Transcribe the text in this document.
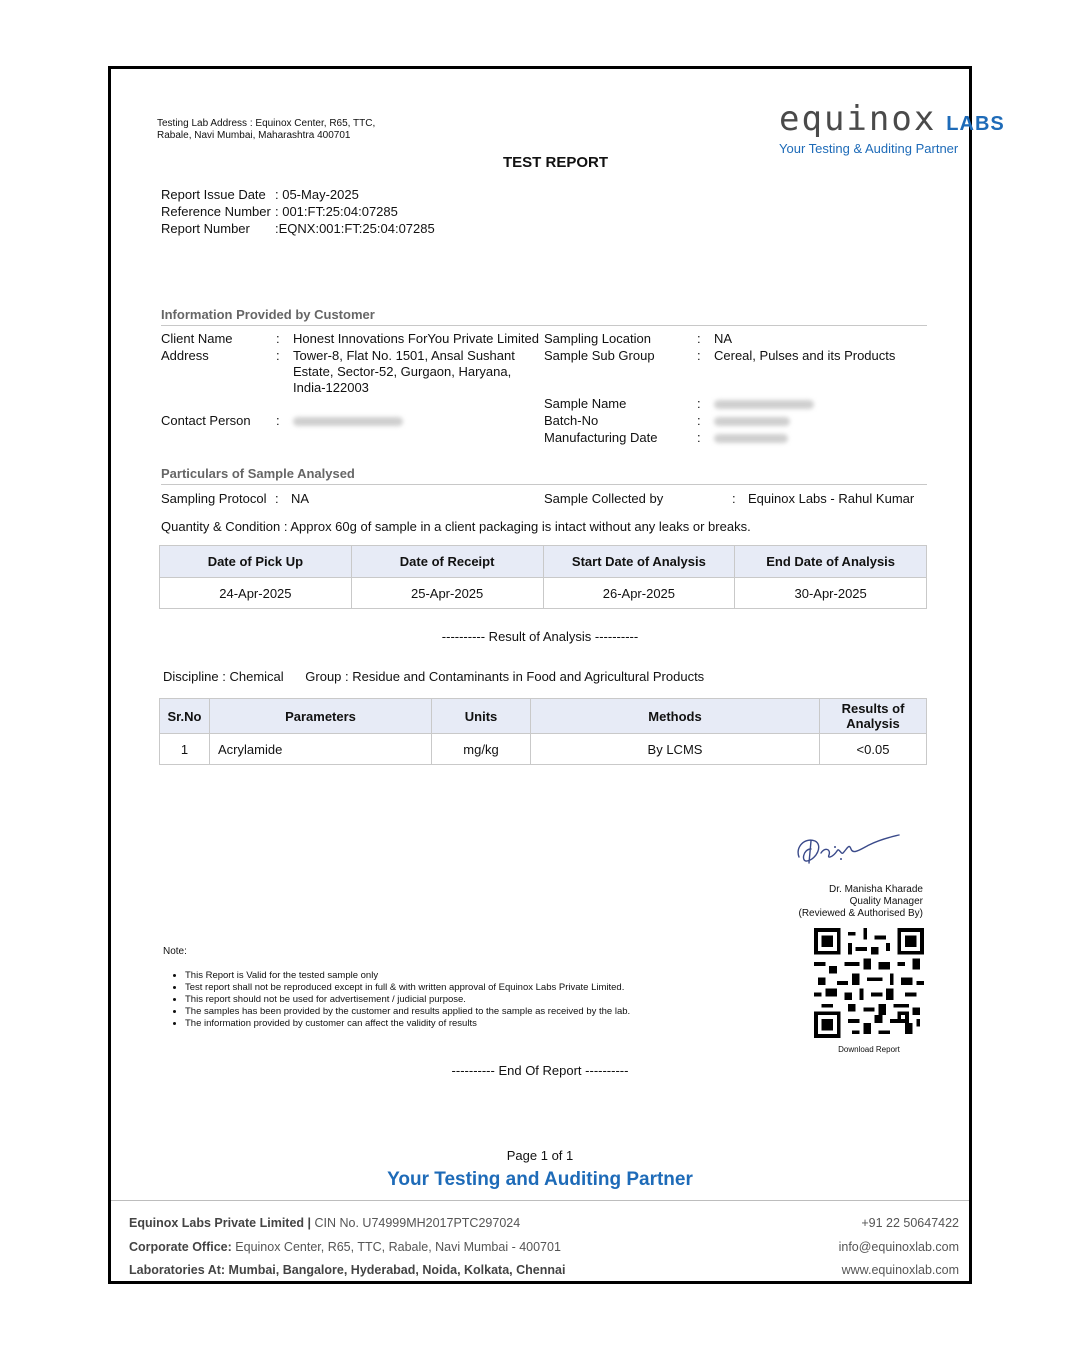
Testing Lab Address : Equinox Center, R65, TTC, Rabale, Navi Mumbai, Maharashtra 400701	equinox LABS
Your Testing & Auditing Partner
TEST REPORT
Report Issue Date : 05-May-2025
Reference Number : 001:FT:25:04:07285
Report Number	:EQNX:001:FT:25:04:07285
Information Provided by Customer
Client Name	: Honest Innovations ForYou Private Limited
Address	: Tower-8, Flat No. 1501, Ansal Sushant Estate, Sector-52, Gurgaon, Haryana, India-122003
Contact Person :
Sampling Location	: NA
Sample Sub Group	: Cereal, Pulses and its Products
Sample Name	:
Batch-No	:
Manufacturing Date	:
Particulars of Sample Analysed
Sampling Protocol : NA	Sample Collected by	: Equinox Labs - Rahul Kumar
Quantity & Condition : Approx 60g of sample in a client packaging is intact without any leaks or breaks.
Date of Pick Up	Date of Receipt	Start Date of Analysis	End Date of Analysis
24-Apr-2025	25-Apr-2025	26-Apr-2025	30-Apr-2025
---------- Result of Analysis ----------
Discipline : Chemical Group : Residue and Contaminants in Food and Agricultural Products
Sr.No	Parameters	Units	Methods	Results of Analysis
1	Acrylamide	mg/kg	By LCMS	<0.05
Dr. Manisha Kharade
Quality Manager
(Reviewed & Authorised By)
Download Report
Note:
• This Report is Valid for the tested sample only
• Test report shall not be reproduced except in full & with written approval of Equinox Labs Private Limited.
• This report should not be used for advertisement / judicial purpose.
• The samples has been provided by the customer and results applied to the sample as received by the lab.
• The information provided by customer can affect the validity of results
---------- End Of Report ----------
Page 1 of 1
Your Testing and Auditing Partner
Equinox Labs Private Limited | CIN No. U74999MH2017PTC297024
Corporate Office: Equinox Center, R65, TTC, Rabale, Navi Mumbai - 400701
Laboratories At: Mumbai, Bangalore, Hyderabad, Noida, Kolkata, Chennai
+91 22 50647422
info@equinoxlab.com
www.equinoxlab.com
